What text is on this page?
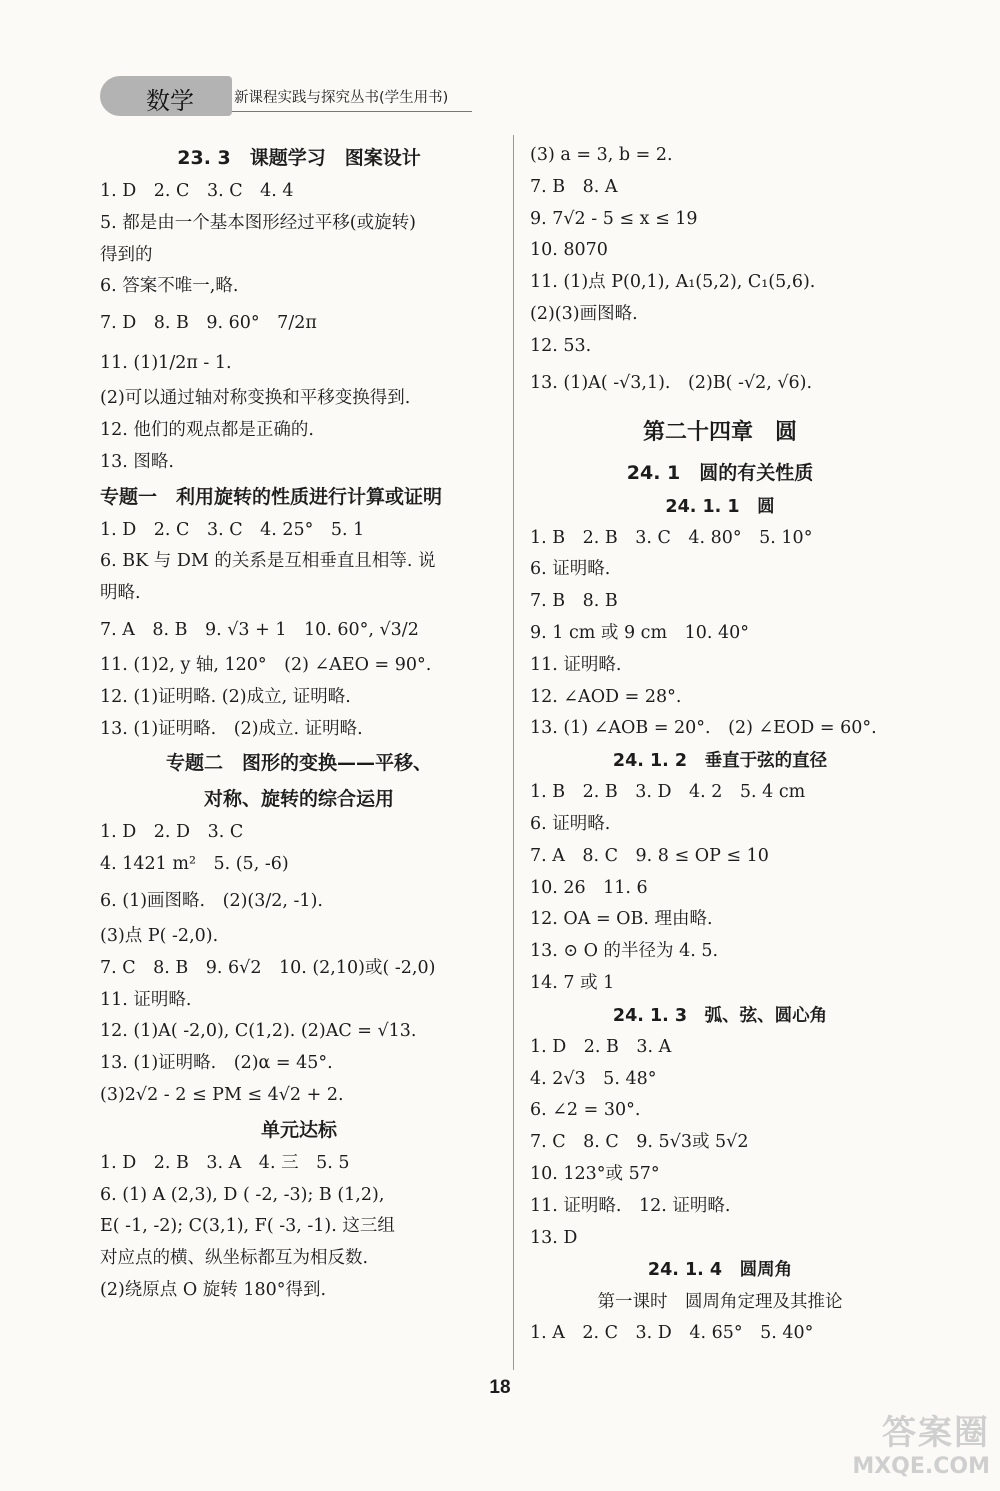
数学	新课程实践与探究丛书(学生用书)
23. 3　课题学习　图案设计
1. D　2. C　3. C　4. 4
5. 都是由一个基本图形经过平移(或旋转)
得到的
6. 答案不唯一,略.
7. D　8. B　9. 60°　7/2π
11. (1)1/2π - 1.
(2)可以通过轴对称变换和平移变换得到.
12. 他们的观点都是正确的.
13. 图略.
专题一　利用旋转的性质进行计算或证明
1. D　2. C　3. C　4. 25°　5. 1
6. BK 与 DM 的关系是互相垂直且相等. 说
明略.
7. A　8. B　9. √3 + 1　10. 60°, √3/2
11. (1)2, y 轴, 120°　(2) ∠AEO = 90°.
12. (1)证明略. (2)成立, 证明略.
13. (1)证明略.　(2)成立. 证明略.
专题二　图形的变换——平移、
对称、旋转的综合运用
1. D　2. D　3. C
4. 1421 m²　5. (5, -6)
6. (1)画图略.　(2)(3/2, -1).
(3)点 P( -2,0).
7. C　8. B　9. 6√2　10. (2,10)或( -2,0)
11. 证明略.
12. (1)A( -2,0), C(1,2). (2)AC = √13.
13. (1)证明略.　(2)α = 45°.
(3)2√2 - 2 ≤ PM ≤ 4√2 + 2.
单元达标
1. D　2. B　3. A　4. 三　5. 5
6. (1) A (2,3), D ( -2, -3); B (1,2),
E( -1, -2); C(3,1), F( -3, -1). 这三组
对应点的横、纵坐标都互为相反数.
(2)绕原点 O 旋转 180°得到.
(3) a = 3, b = 2.
7. B　8. A
9. 7√2 - 5 ≤ x ≤ 19
10. 8070
11. (1)点 P(0,1), A₁(5,2), C₁(5,6).
(2)(3)画图略.
12. 53.
13. (1)A( -√3,1).　(2)B( -√2, √6).
第二十四章　圆
24. 1　圆的有关性质
24. 1. 1　圆
1. B　2. B　3. C　4. 80°　5. 10°
6. 证明略.
7. B　8. B
9. 1 cm 或 9 cm　10. 40°
11. 证明略.
12. ∠AOD = 28°.
13. (1) ∠AOB = 20°.　(2) ∠EOD = 60°.
24. 1. 2　垂直于弦的直径
1. B　2. B　3. D　4. 2　5. 4 cm
6. 证明略.
7. A　8. C　9. 8 ≤ OP ≤ 10
10. 26　11. 6
12. OA = OB. 理由略.
13. ⊙ O 的半径为 4. 5.
14. 7 或 1
24. 1. 3　弧、弦、圆心角
1. D　2. B　3. A
4. 2√3　5. 48°
6. ∠2 = 30°.
7. C　8. C　9. 5√3或 5√2
10. 123°或 57°
11. 证明略.　12. 证明略.
13. D
24. 1. 4　圆周角
第一课时　圆周角定理及其推论
1. A　2. C　3. D　4. 65°　5. 40°
18
答案圈
MXQE.COM
